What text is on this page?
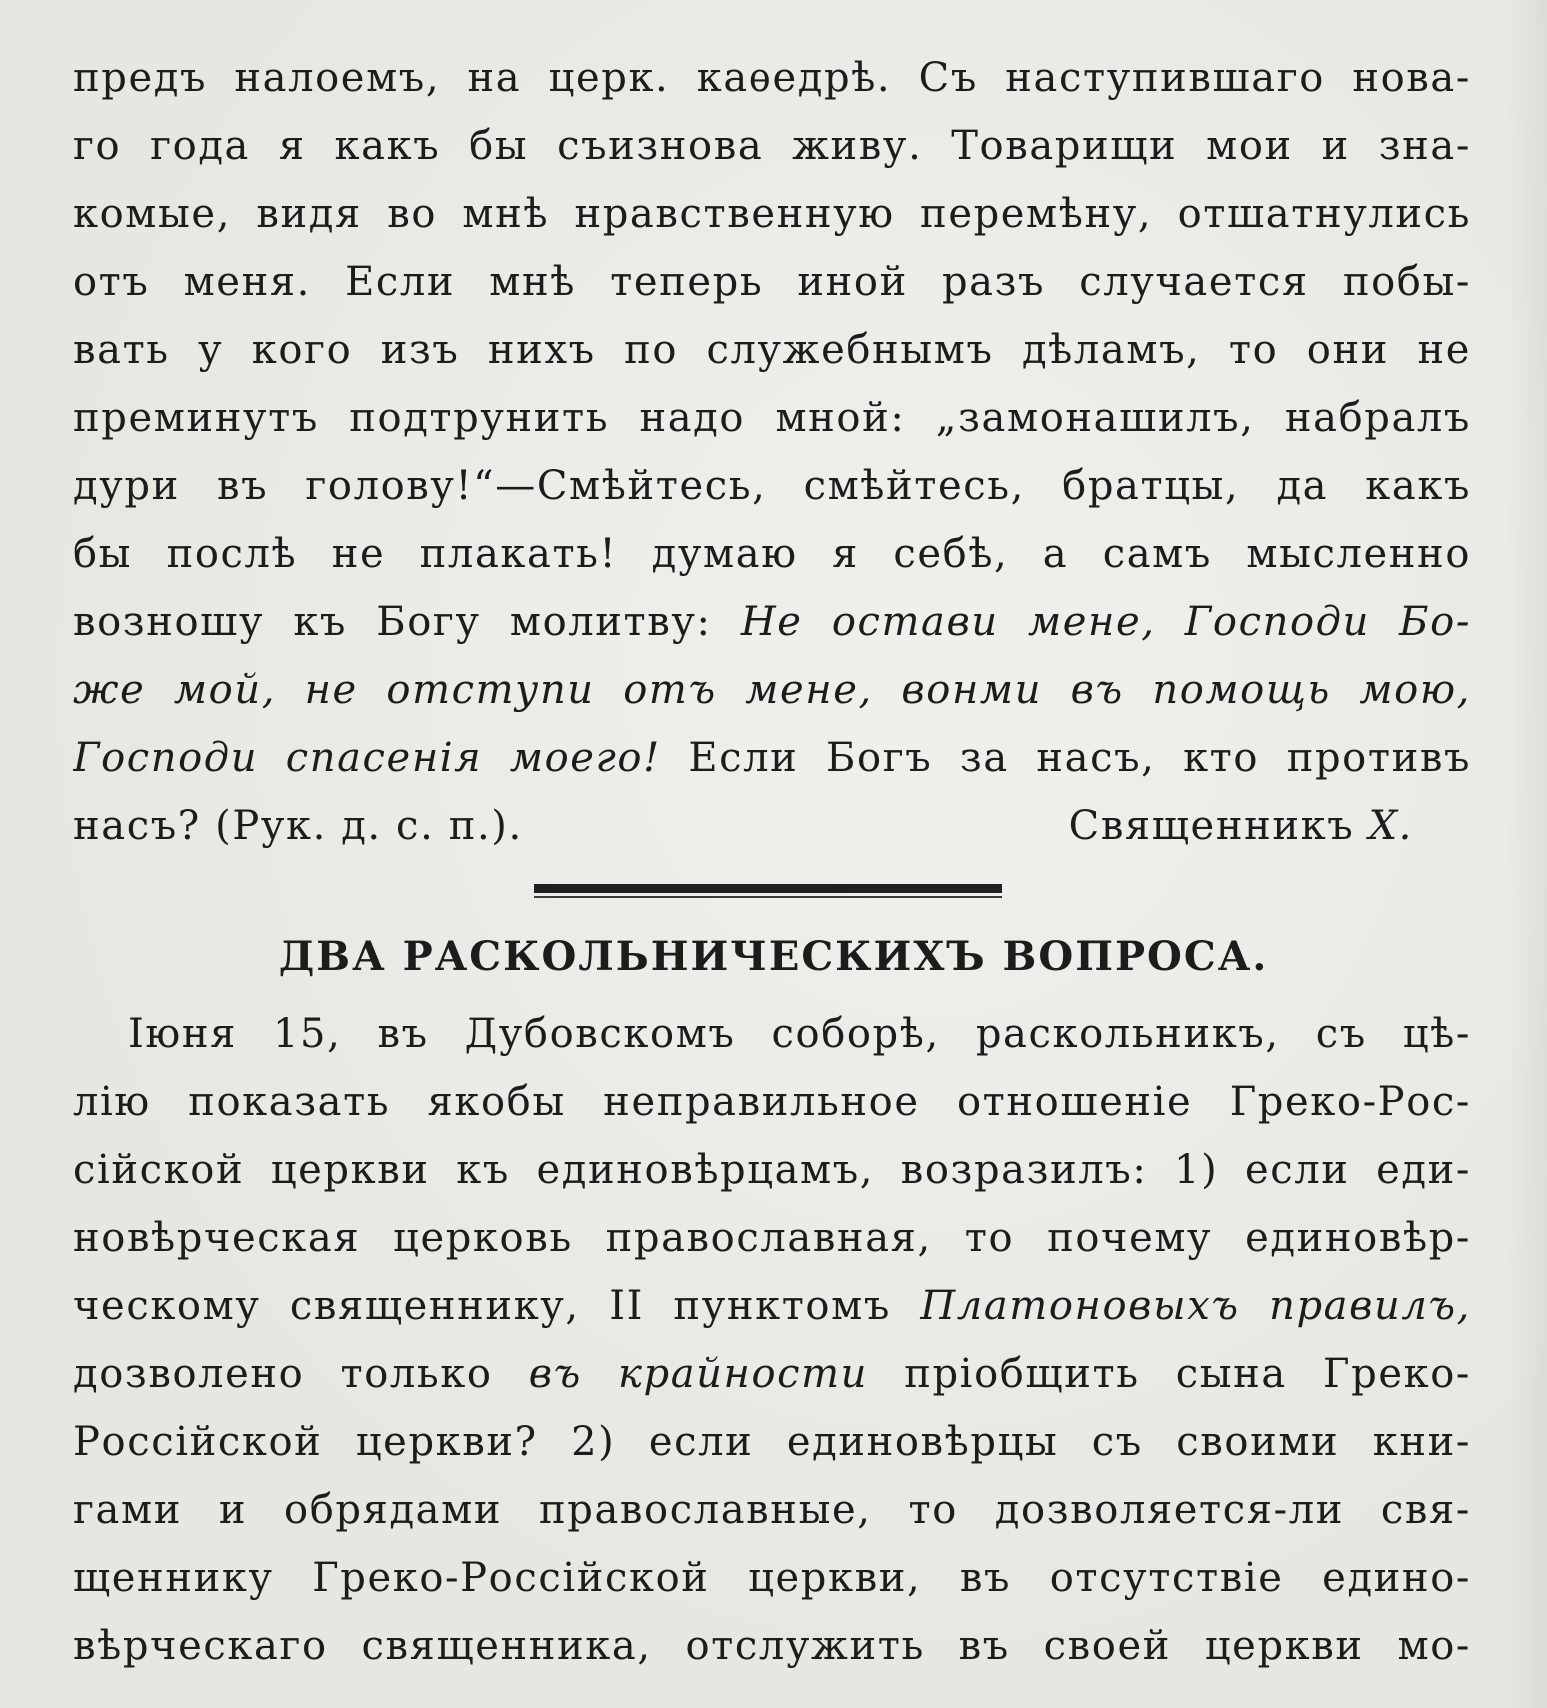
предъ налоемъ, на церк. каѳедрѣ. Съ наступившаго нова-
го года я какъ бы съизнова живу. Товарищи мои и зна-
комые, видя во мнѣ нравственную перемѣну, отшатнулись
отъ меня. Если мнѣ теперь иной разъ случается побы-
вать у кого изъ нихъ по служебнымъ дѣламъ, то они не
преминутъ подтрунить надо мной: „замонашилъ, набралъ
дури въ голову!“—Смѣйтесь, смѣйтесь, братцы, да какъ
бы послѣ не плакать! думаю я себѣ, а самъ мысленно
возношу къ Богу молитву: Не остави мене, Господи Бо-
же мой, не отступи отъ мене, вонми въ помощь мою,
Господи спасенія моего! Если Богъ за насъ, кто противъ
насъ? (Рук. д. с. п.).	Священникъ Х.
ДВА РАСКОЛЬНИЧЕСКИХЪ ВОПРОСА.
Іюня 15, въ Дубовскомъ соборѣ, раскольникъ, съ цѣ-
лію показать якобы неправильное отношеніе Греко-Рос-
сійской церкви къ единовѣрцамъ, возразилъ: 1) если еди-
новѣрческая церковь православная, то почему единовѣр-
ческому священнику, II пунктомъ Платоновыхъ правилъ,
дозволено только въ крайности пріобщить сына Греко-
Россійской церкви? 2) если единовѣрцы съ своими кни-
гами и обрядами православные, то дозволяется-ли свя-
щеннику Греко-Россійской церкви, въ отсутствіе едино-
вѣрческаго священника, отслужить въ своей церкви мо-
